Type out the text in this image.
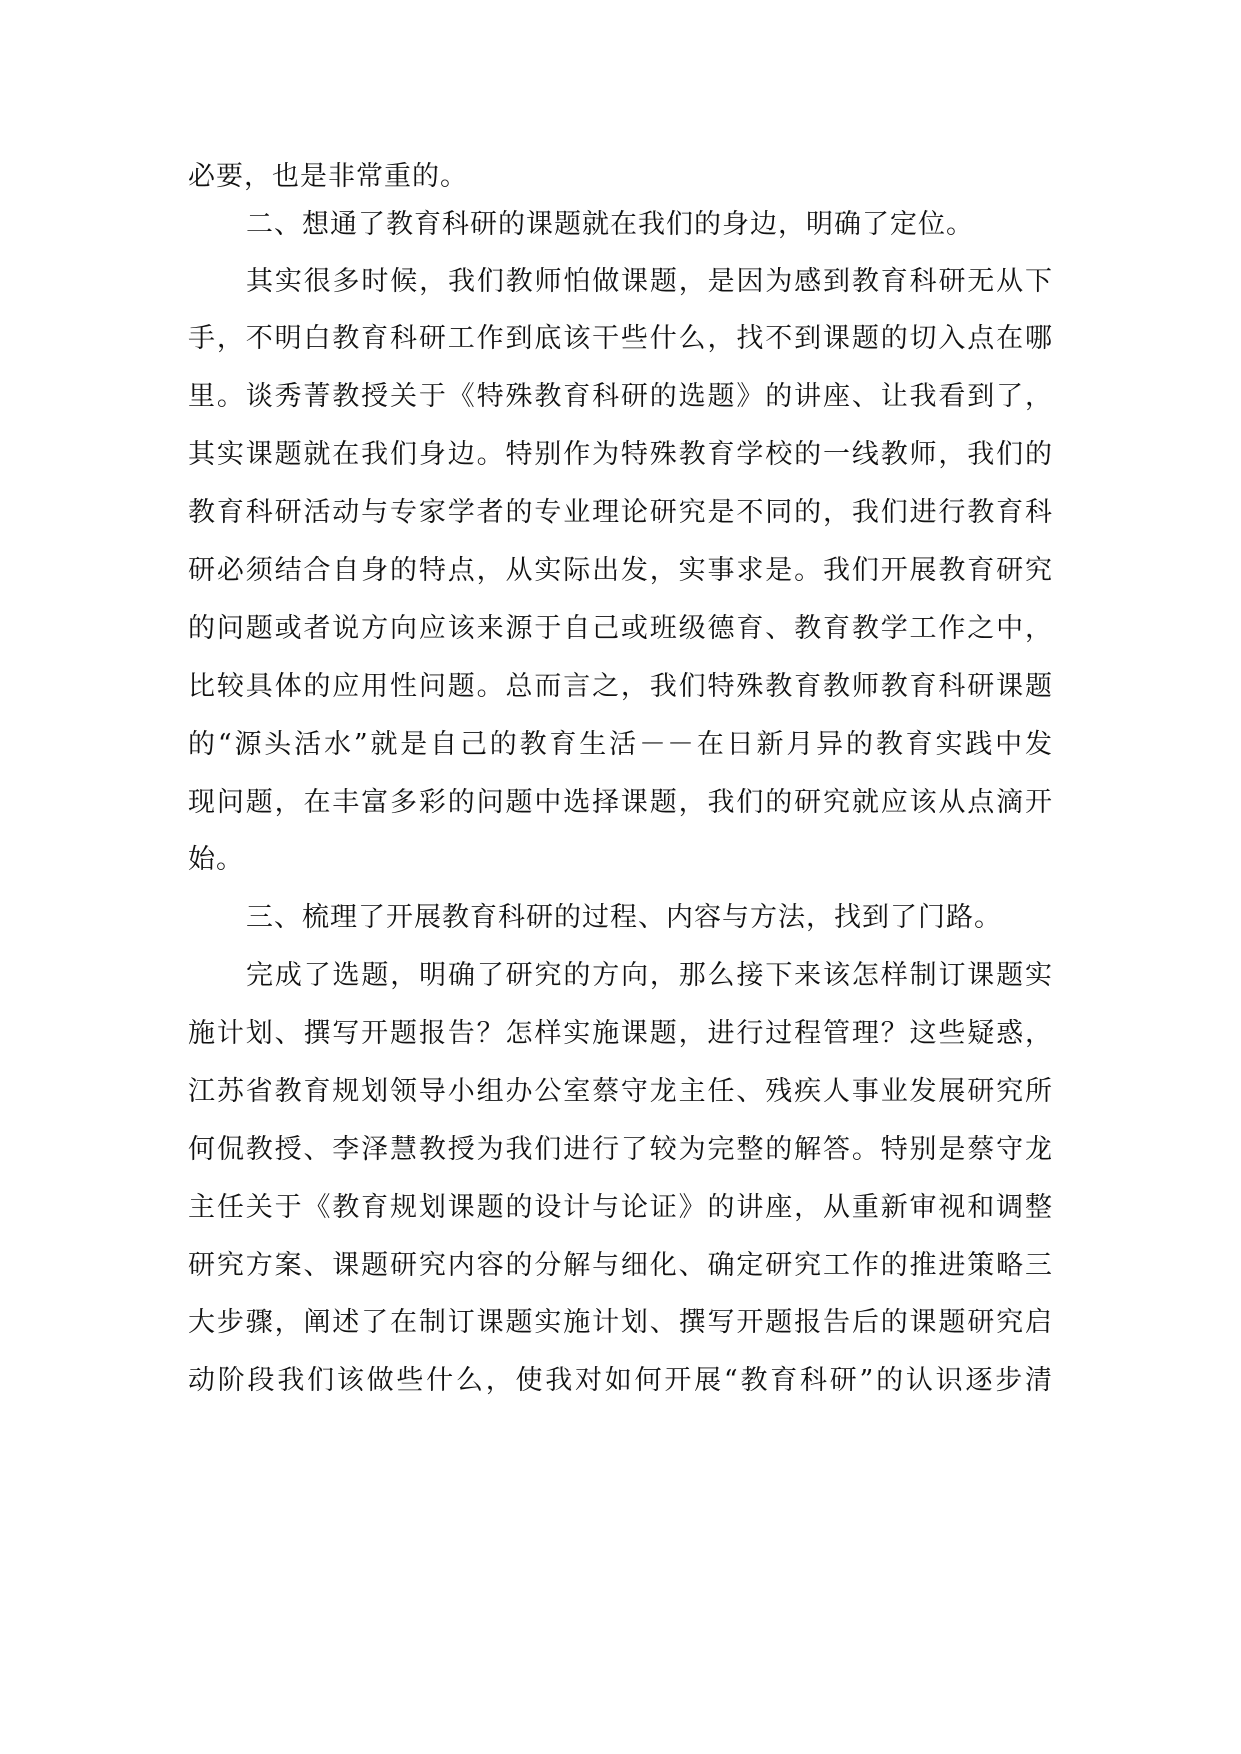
必要，也是非常重的。
二、想通了教育科研的课题就在我们的身边，明确了定位。
其实很多时候，我们教师怕做课题，是因为感到教育科研无从下
手，不明白教育科研工作到底该干些什么，找不到课题的切入点在哪
里。谈秀菁教授关于《特殊教育科研的选题》的讲座、让我看到了，
其实课题就在我们身边。特别作为特殊教育学校的一线教师，我们的
教育科研活动与专家学者的专业理论研究是不同的，我们进行教育科
研必须结合自身的特点，从实际出发，实事求是。我们开展教育研究
的问题或者说方向应该来源于自己或班级德育、教育教学工作之中，
比较具体的应用性问题。总而言之，我们特殊教育教师教育科研课题
的“源头活水”就是自己的教育生活－－在日新月异的教育实践中发
现问题，在丰富多彩的问题中选择课题，我们的研究就应该从点滴开
始。
三、梳理了开展教育科研的过程、内容与方法，找到了门路。
完成了选题，明确了研究的方向，那么接下来该怎样制订课题实
施计划、撰写开题报告？怎样实施课题，进行过程管理？这些疑惑，
江苏省教育规划领导小组办公室蔡守龙主任、残疾人事业发展研究所
何侃教授、李泽慧教授为我们进行了较为完整的解答。特别是蔡守龙
主任关于《教育规划课题的设计与论证》的讲座，从重新审视和调整
研究方案、课题研究内容的分解与细化、确定研究工作的推进策略三
大步骤，阐述了在制订课题实施计划、撰写开题报告后的课题研究启
动阶段我们该做些什么，使我对如何开展“教育科研”的认识逐步清
